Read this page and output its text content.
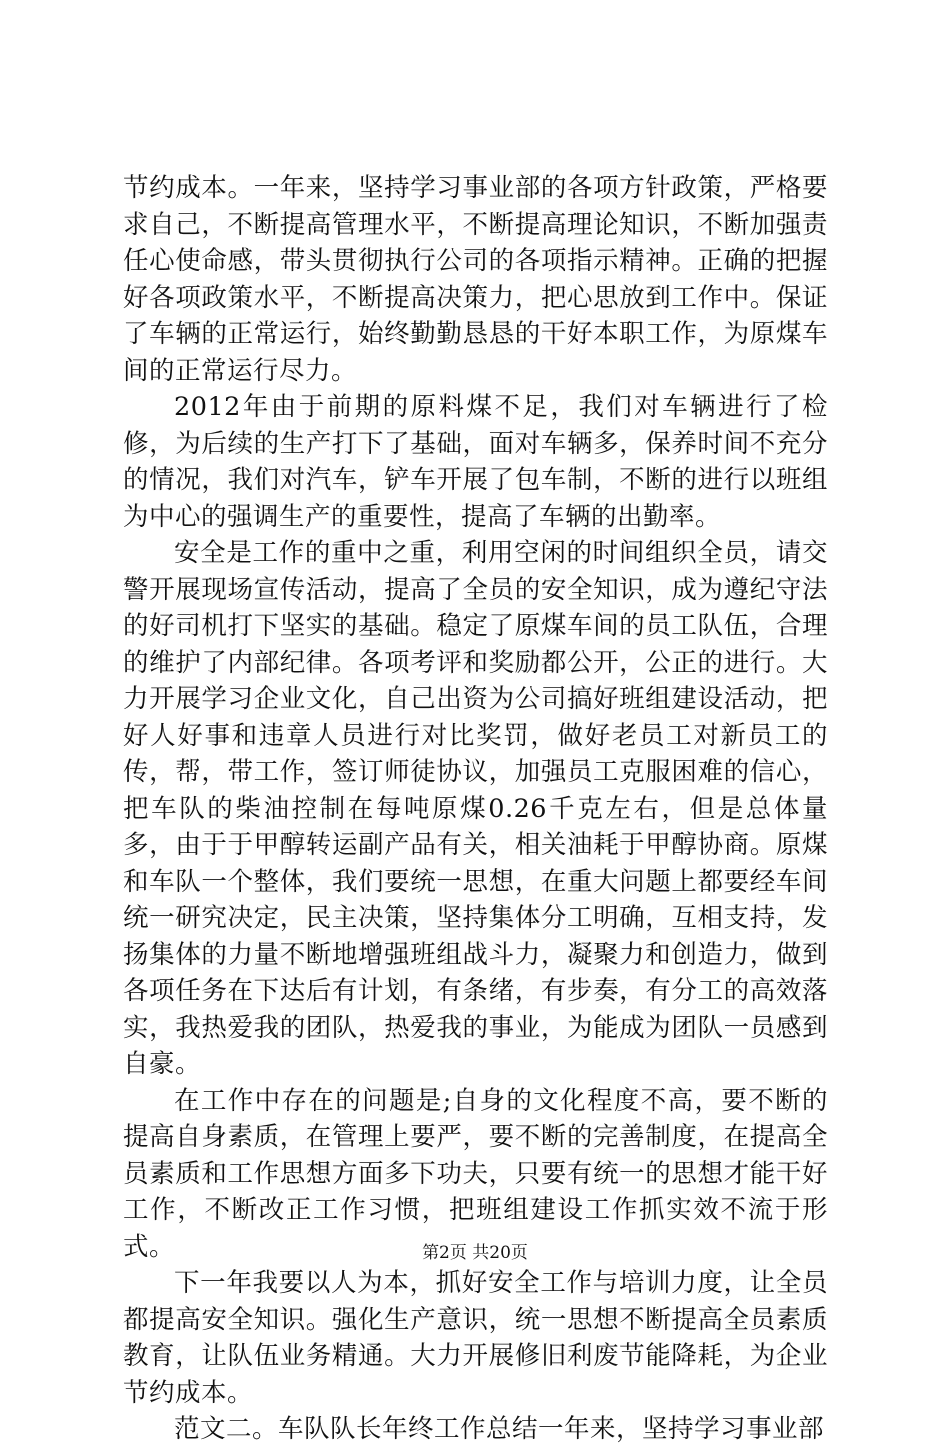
节约成本。一年来，坚持学习事业部的各项方针政策，严格要求自己，不断提高管理水平，不断提高理论知识，不断加强责任心使命感，带头贯彻执行公司的各项指示精神。正确的把握好各项政策水平，不断提高决策力，把心思放到工作中。保证了车辆的正常运行，始终勤勤恳恳的干好本职工作，为原煤车间的正常运行尽力。

2012年由于前期的原料煤不足，我们对车辆进行了检修，为后续的生产打下了基础，面对车辆多，保养时间不充分的情况，我们对汽车，铲车开展了包车制，不断的进行以班组为中心的强调生产的重要性，提高了车辆的出勤率。

安全是工作的重中之重，利用空闲的时间组织全员，请交警开展现场宣传活动，提高了全员的安全知识，成为遵纪守法的好司机打下坚实的基础。稳定了原煤车间的员工队伍，合理的维护了内部纪律。各项考评和奖励都公开，公正的进行。大力开展学习企业文化，自己出资为公司搞好班组建设活动，把好人好事和违章人员进行对比奖罚，做好老员工对新员工的传，帮，带工作，签订师徒协议，加强员工克服困难的信心，把车队的柴油控制在每吨原煤0.26千克左右，但是总体量多，由于于甲醇转运副产品有关，相关油耗于甲醇协商。原煤和车队一个整体，我们要统一思想，在重大问题上都要经车间统一研究决定，民主决策，坚持集体分工明确，互相支持，发扬集体的力量不断地增强班组战斗力，凝聚力和创造力，做到各项任务在下达后有计划，有条绪，有步奏，有分工的高效落实，我热爱我的团队，热爱我的事业，为能成为团队一员感到自豪。

在工作中存在的问题是;自身的文化程度不高，要不断的提高自身素质，在管理上要严，要不断的完善制度，在提高全员素质和工作思想方面多下功夫，只要有统一的思想才能干好工作，不断改正工作习惯，把班组建设工作抓实效不流于形式。

下一年我要以人为本，抓好安全工作与培训力度，让全员都提高安全知识。强化生产意识，统一思想不断提高全员素质教育，让队伍业务精通。大力开展修旧利废节能降耗，为企业节约成本。

范文二。车队队长年终工作总结一年来，坚持学习事业部

第2页 共20页
